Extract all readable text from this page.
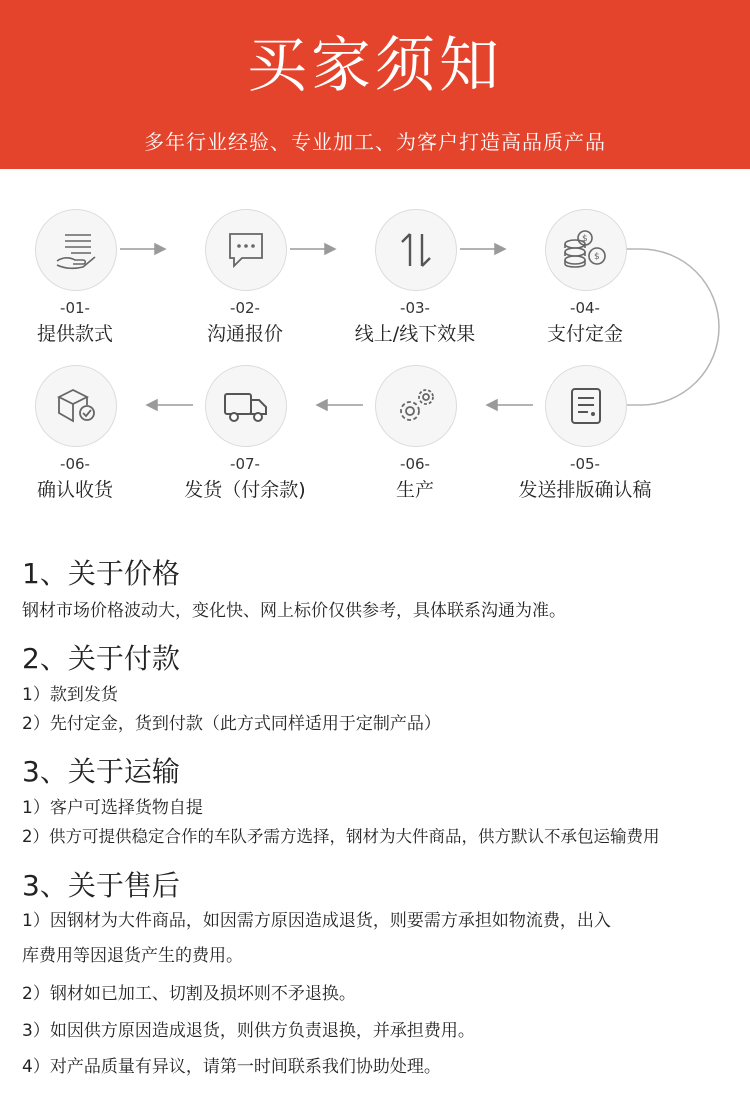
买家须知
多年行业经验、专业加工、为客户打造高品质产品
-01-
提供款式
-02-
沟通报价
-03-
线上/线下效果
$
$
-04-
支付定金
-05-
发送排版确认稿
-06-
生产
-07-
发货（付余款)
-06-
确认收货
1、关于价格
钢材市场价格波动大，变化快、网上标价仅供参考，具体联系沟通为准。
2、关于付款
1）款到发货
2）先付定金，货到付款（此方式同样适用于定制产品）
3、关于运输
1）客户可选择货物自提
2）供方可提供稳定合作的车队矛需方选择，钢材为大件商品，供方默认不承包运输费用
3、关于售后
1）因钢材为大件商品，如因需方原因造成退货，则要需方承担如物流费，出入
库费用等因退货产生的费用。
2）钢材如已加工、切割及损坏则不矛退换。
3）如因供方原因造成退货，则供方负责退换，并承担费用。
4）对产品质量有异议，请第一时间联系我们协助处理。
